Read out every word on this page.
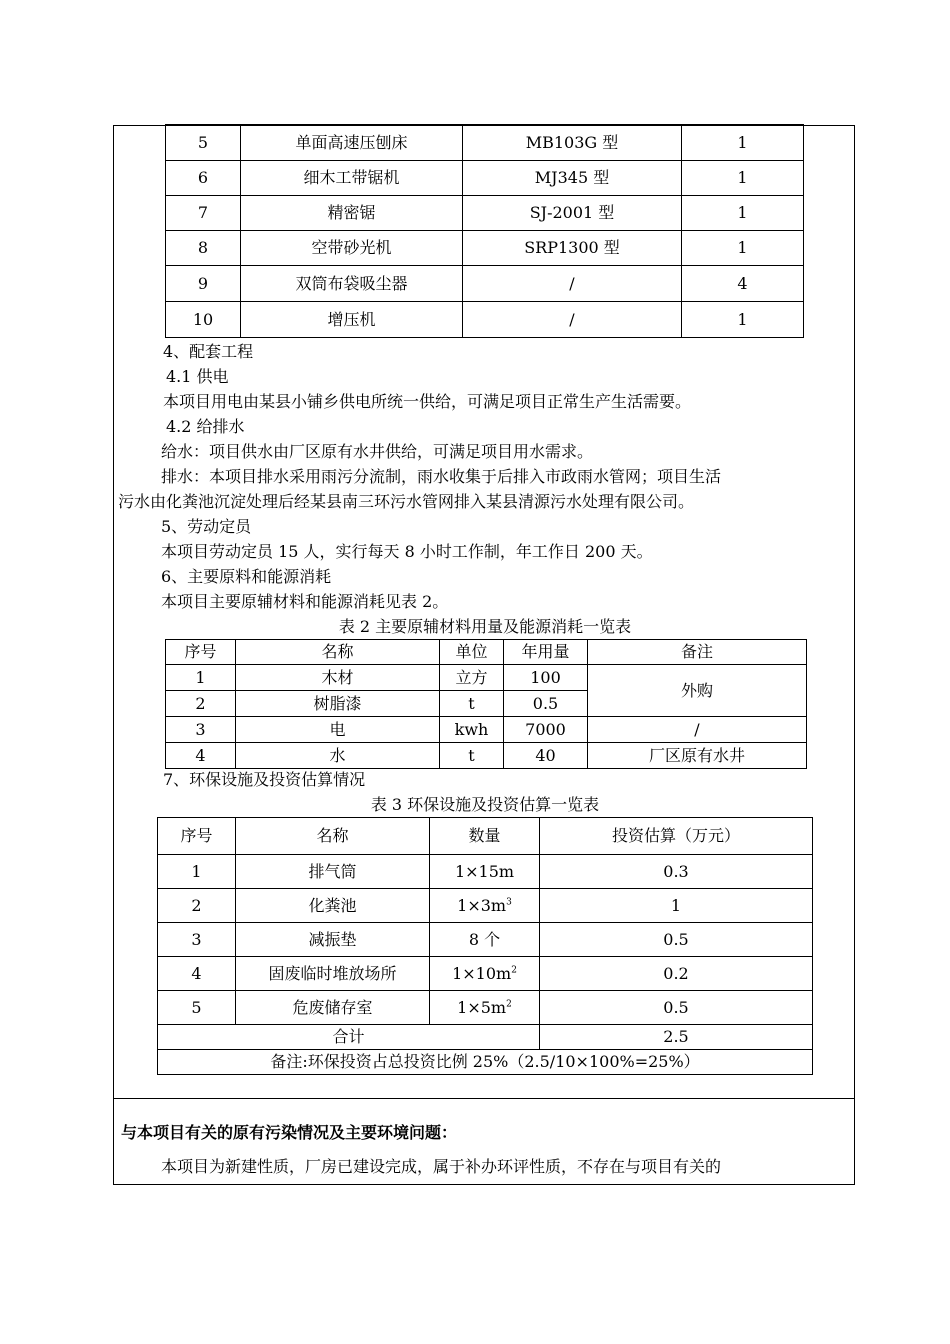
5	单面高速压刨床	MB103G 型	1
6	细木工带锯机	MJ345 型	1
7	精密锯	SJ-2001 型	1
8	空带砂光机	SRP1300 型	1
9	双筒布袋吸尘器	/	4
10	增压机	/	1
4、配套工程
4.1 供电
本项目用电由某县小铺乡供电所统一供给，可满足项目正常生产生活需要。
4.2 给排水
给水：项目供水由厂区原有水井供给，可满足项目用水需求。
排水：本项目排水采用雨污分流制，雨水收集于后排入市政雨水管网；项目生活
污水由化粪池沉淀处理后经某县南三环污水管网排入某县清源污水处理有限公司。
5、劳动定员
本项目劳动定员 15 人，实行每天 8 小时工作制，年工作日 200 天。
6、主要原料和能源消耗
本项目主要原辅材料和能源消耗见表 2。
表 2 主要原辅材料用量及能源消耗一览表
序号	名称	单位	年用量	备注
1	木材	立方	100	外购
2	树脂漆	t	0.5	
3	电	kwh	7000	/
4	水	t	40	厂区原有水井
7、环保设施及投资估算情况
表 3 环保设施及投资估算一览表
序号	名称	数量	投资估算（万元）
1	排气筒	1×15m	0.3
2	化粪池	$1\times 3m^3$	1
3	减振垫	8 个	0.5
4	固废临时堆放场所	$1\times 10m^2$	0.2
5	危废储存室	$1\times 5m^2$	0.5
合计			2.5
备注:环保投资占总投资比例 25%（2.5/10×100%=25%）			
与本项目有关的原有污染情况及主要环境问题：
本项目为新建性质，厂房已建设完成，属于补办环评性质，不存在与项目有关的
